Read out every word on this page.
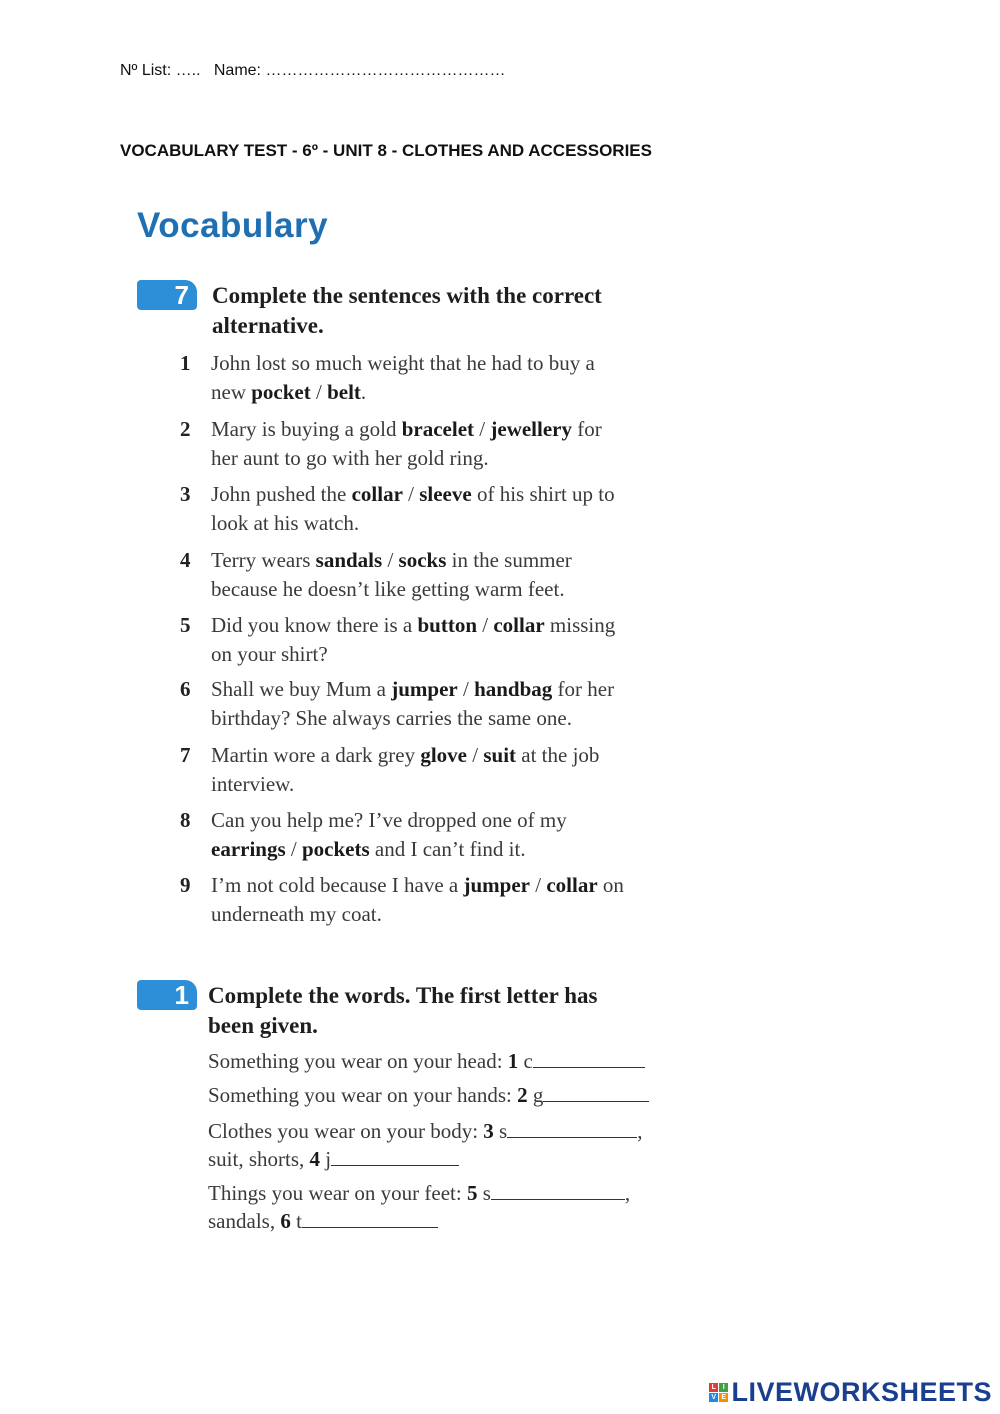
Nº List: ….. Name: ………………………………………
VOCABULARY TEST - 6º - UNIT 8 - CLOTHES AND ACCESSORIES
Vocabulary
7	Complete the sentences with the correct
alternative.
1 John lost so much weight that he had to buy a
new pocket / belt.
2 Mary is buying a gold bracelet / jewellery for
her aunt to go with her gold ring.
3 John pushed the collar / sleeve of his shirt up to
look at his watch.
4 Terry wears sandals / socks in the summer
because he doesn’t like getting warm feet.
5 Did you know there is a button / collar missing
on your shirt?
6 Shall we buy Mum a jumper / handbag for her
birthday? She always carries the same one.
7 Martin wore a dark grey glove / suit at the job
interview.
8 Can you help me? I’ve dropped one of my
earrings / pockets and I can’t find it.
9 I’m not cold because I have a jumper / collar on
underneath my coat.
1 Complete the words. The first letter has
been given.
Something you wear on your head: 1 c
Something you wear on your hands: 2 g
Clothes you wear on your body: 3 s	,
suit, shorts, 4 j
Things you wear on your feet: 5 s	,
sandals, 6 t
L I
V E LIVEWORKSHEETS
